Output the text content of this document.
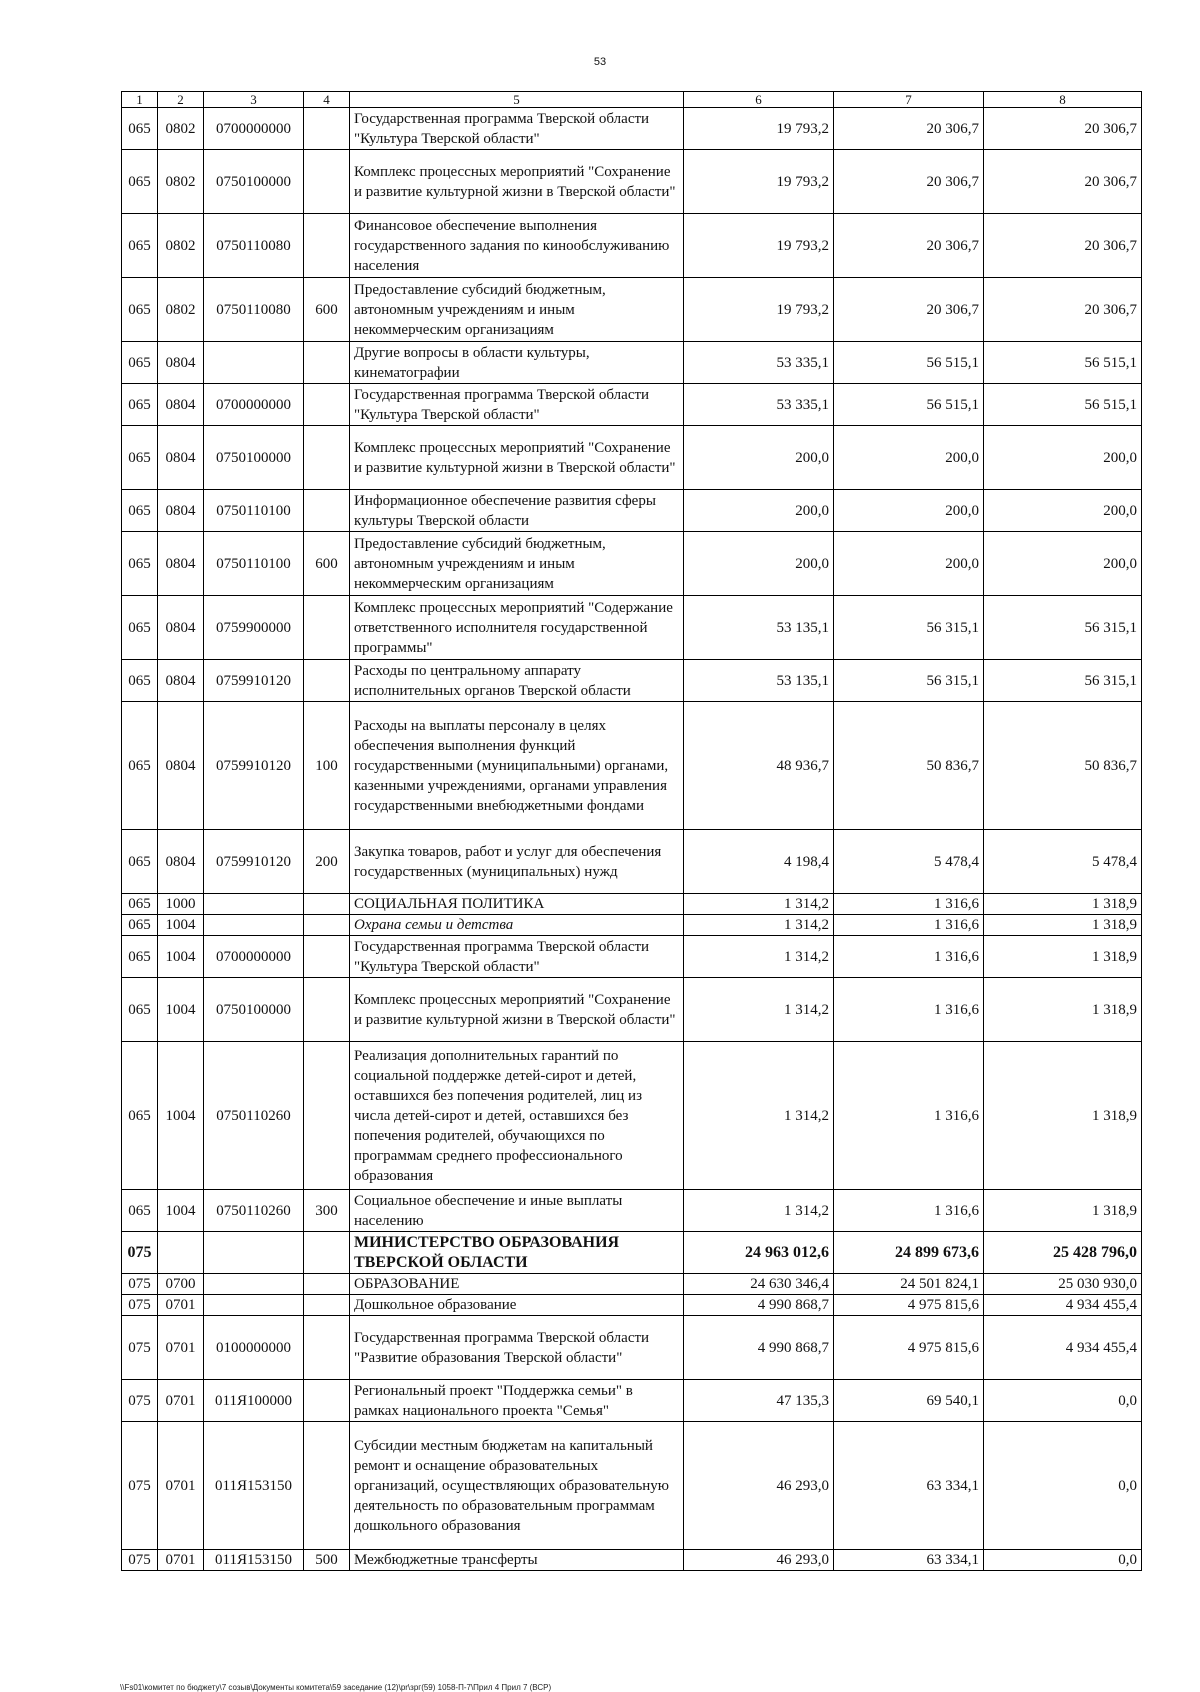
53
1	2	3	4	5	6	7	8
065	0802	0700000000		Государственная программа Тверской области "Культура Тверской области"	19 793,2	20 306,7	20 306,7
065	0802	0750100000		Комплекс процессных мероприятий "Сохранение и развитие культурной жизни в Тверской области"	19 793,2	20 306,7	20 306,7
065	0802	0750110080		Финансовое обеспечение выполнения государственного задания по кинообслуживанию населения	19 793,2	20 306,7	20 306,7
065	0802	0750110080	600	Предоставление субсидий бюджетным, автономным учреждениям и иным некоммерческим организациям	19 793,2	20 306,7	20 306,7
065	0804			Другие вопросы в области культуры, кинематографии	53 335,1	56 515,1	56 515,1
065	0804	0700000000		Государственная программа Тверской области "Культура Тверской области"	53 335,1	56 515,1	56 515,1
065	0804	0750100000		Комплекс процессных мероприятий "Сохранение и развитие культурной жизни в Тверской области"	200,0	200,0	200,0
065	0804	0750110100		Информационное обеспечение развития сферы культуры Тверской области	200,0	200,0	200,0
065	0804	0750110100	600	Предоставление субсидий бюджетным, автономным учреждениям и иным некоммерческим организациям	200,0	200,0	200,0
065	0804	0759900000		Комплекс процессных мероприятий "Содержание ответственного исполнителя государственной программы"	53 135,1	56 315,1	56 315,1
065	0804	0759910120		Расходы по центральному аппарату исполнительных органов Тверской области	53 135,1	56 315,1	56 315,1
065	0804	0759910120	100	Расходы на выплаты персоналу в целях обеспечения выполнения функций государственными (муниципальными) органами, казенными учреждениями, органами управления государственными внебюджетными фондами	48 936,7	50 836,7	50 836,7
065	0804	0759910120	200	Закупка товаров, работ и услуг для обеспечения государственных (муниципальных) нужд	4 198,4	5 478,4	5 478,4
065	1000			СОЦИАЛЬНАЯ ПОЛИТИКА	1 314,2	1 316,6	1 318,9
065	1004			Охрана семьи и детства	1 314,2	1 316,6	1 318,9
065	1004	0700000000		Государственная программа Тверской области "Культура Тверской области"	1 314,2	1 316,6	1 318,9
065	1004	0750100000		Комплекс процессных мероприятий "Сохранение и развитие культурной жизни в Тверской области"	1 314,2	1 316,6	1 318,9
065	1004	0750110260		Реализация дополнительных гарантий по социальной поддержке детей-сирот и детей, оставшихся без попечения родителей, лиц из числа детей-сирот и детей, оставшихся без попечения родителей, обучающихся по программам среднего профессионального образования	1 314,2	1 316,6	1 318,9
065	1004	0750110260	300	Социальное обеспечение и иные выплаты населению	1 314,2	1 316,6	1 318,9
075				МИНИСТЕРСТВО ОБРАЗОВАНИЯ ТВЕРСКОЙ ОБЛАСТИ	24 963 012,6	24 899 673,6	25 428 796,0
075	0700			ОБРАЗОВАНИЕ	24 630 346,4	24 501 824,1	25 030 930,0
075	0701			Дошкольное образование	4 990 868,7	4 975 815,6	4 934 455,4
075	0701	0100000000		Государственная программа Тверской области "Развитие образования Тверской области"	4 990 868,7	4 975 815,6	4 934 455,4
075	0701	011Я100000		Региональный проект "Поддержка семьи" в рамках национального проекта "Семья"	47 135,3	69 540,1	0,0
075	0701	011Я153150		Субсидии местным бюджетам на капитальный ремонт и оснащение образовательных организаций, осуществляющих образовательную деятельность по образовательным программам дошкольного образования	46 293,0	63 334,1	0,0
075	0701	011Я153150	500	Межбюджетные трансферты	46 293,0	63 334,1	0,0
\\Fs01\комитет по бюджету\7 созыв\Документы комитета\59 заседание (12)\pr\зрг(59) 1058-П-7\Прил 4 Прил 7 (ВСР)
